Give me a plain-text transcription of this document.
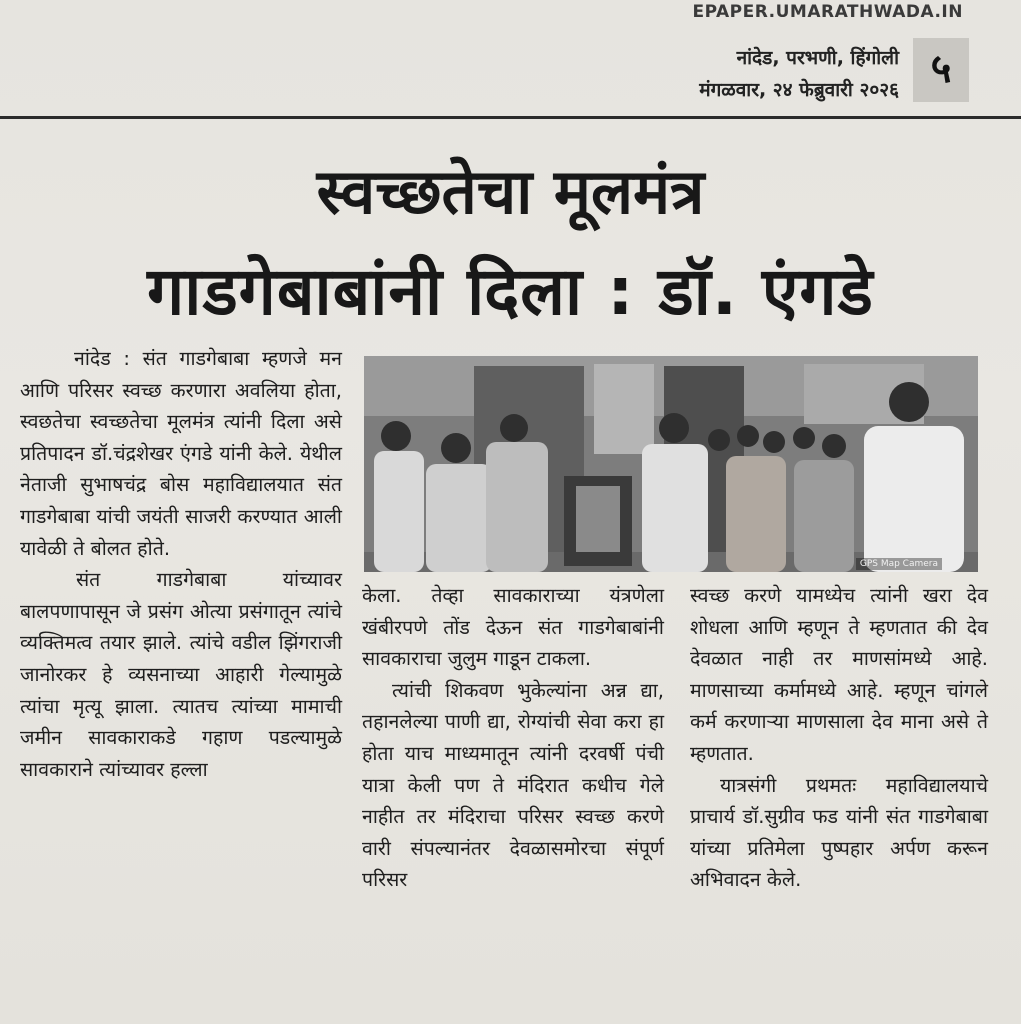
EPAPER.UMARATHWADA.IN
नांदेड, परभणी, हिंगोली
मंगळवार, २४ फेब्रुवारी २०२६ ५
स्वच्छतेचा मूलमंत्र
गाडगेबाबांनी दिला : डॉ. एंगडे
GPS Map Camera

नांदेड : संत गाडगेबाबा म्हणजे मन आणि परिसर स्वच्छ करणारा अवलिया होता, स्वछतेचा स्वच्छतेचा मूलमंत्र त्यांनी दिला असे प्रतिपादन डॉ.चंद्रशेखर एंगडे यांनी केले. येथील नेताजी सुभाषचंद्र बोस महाविद्यालयात संत गाडगेबाबा यांची जयंती साजरी करण्यात आली यावेळी ते बोलत होते.

संत गाडगेबाबा यांच्यावर बालपणापासून जे प्रसंग ओत्या प्रसंगातून त्यांचे व्यक्तिमत्व तयार झाले. त्यांचे वडील झिंगराजी जानोरकर हे व्यसनाच्या आहारी गेल्यामुळे त्यांचा मृत्यू झाला. त्यातच त्यांच्या मामाची जमीन सावकाराकडे गहाण पडल्यामुळे सावकाराने त्यांच्यावर हल्ला

केला. तेव्हा सावकाराच्या यंत्रणेला खंबीरपणे तोंड देऊन संत गाडगेबाबांनी सावकाराचा जुलुम गाडून टाकला.

त्यांची शिकवण भुकेल्यांना अन्न द्या, तहानलेल्या पाणी द्या, रोग्यांची सेवा करा हा होता याच माध्यमातून त्यांनी दरवर्षी पंची यात्रा केली पण ते मंदिरात कधीच गेले नाहीत तर मंदिराचा परिसर स्वच्छ करणे वारी संपल्यानंतर देवळासमोरचा संपूर्ण परिसर

स्वच्छ करणे यामध्येच त्यांनी खरा देव शोधला आणि म्हणून ते म्हणतात की देव देवळात नाही तर माणसांमध्ये आहे. माणसाच्या कर्मामध्ये आहे. म्हणून चांगले कर्म करणाऱ्या माणसाला देव माना असे ते म्हणतात.

यात्रसंगी प्रथमतः महाविद्यालयाचे प्राचार्य डॉ.सुग्रीव फड यांनी संत गाडगेबाबा यांच्या प्रतिमेला पुष्पहार अर्पण करून अभिवादन केले.
